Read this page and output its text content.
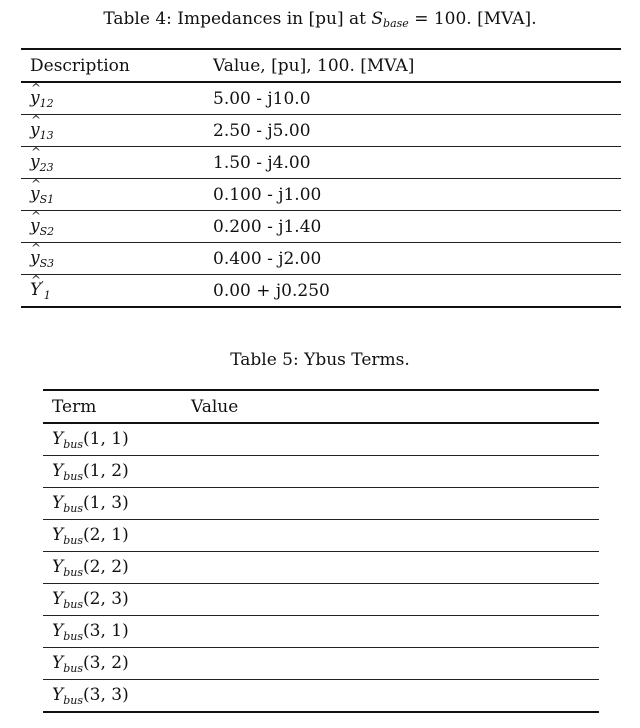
Table 4: Impedances in [pu] at Sbase = 100. [MVA].
Description	Value, [pu], 100. [MVA]
^ $y_{12}$	5.00 - j10.0
^ $y_{13}$	2.50 - j5.00
^ $y_{23}$	1.50 - j4.00
^ $y_{S1}$	0.100 - j1.00
^ $y_{S2}$	0.200 - j1.40
^ $y_{S3}$	0.400 - j2.00
^ $Y'_1$	0.00 + j0.250
Table 5: Ybus Terms.
Term	Value
$Y_{bus}(1$, 1)	
$Y_{bus}(1$, 2)	
$Y_{bus}(1$, 3)	
$Y_{bus}(2$, 1)	
$Y_{bus}(2$, 2)	
$Y_{bus}(2$, 3)	
$Y_{bus}(3$, 1)	
$Y_{bus}(3$, 2)	
$Y_{bus}(3$, 3)	
